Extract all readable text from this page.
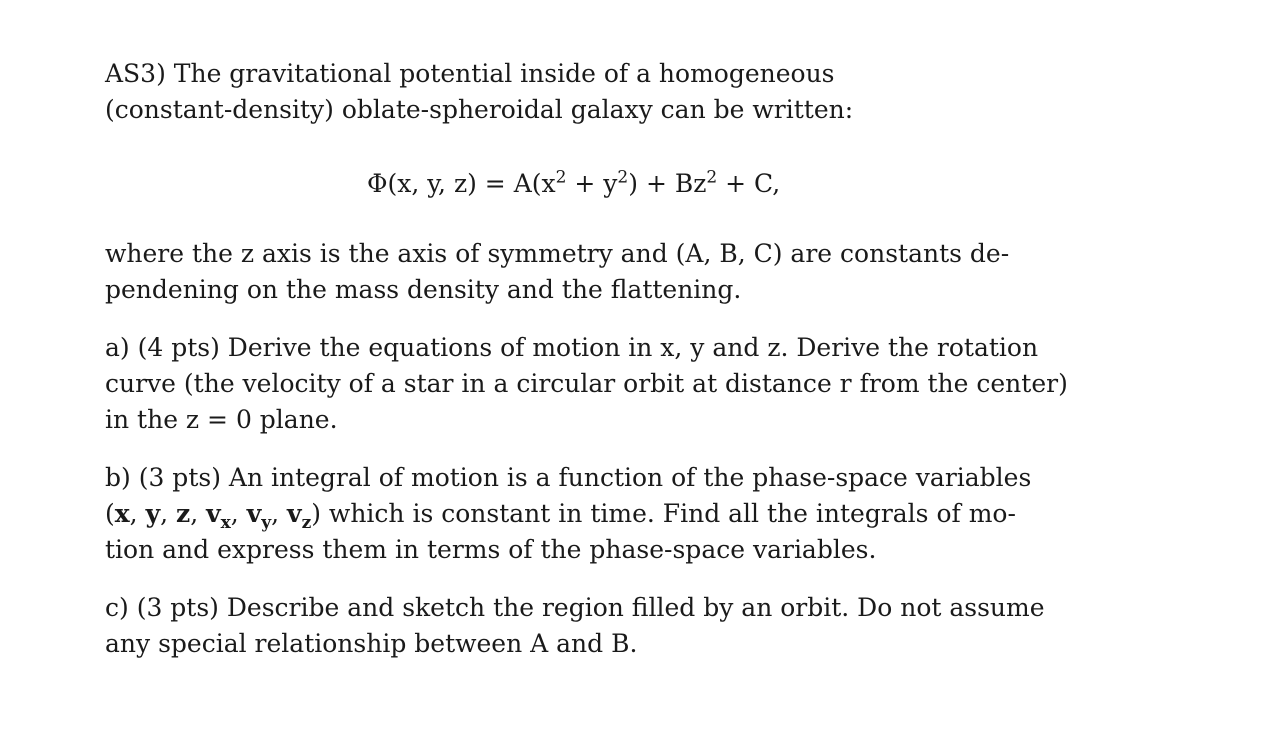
AS3) The gravitational potential inside of a homogeneous
(constant-density) oblate-spheroidal galaxy can be written:

Φ(x, y, $z) = A(x^2 + y^2) + Bz^2 + C$,

where the z axis is the axis of symmetry and (A, B, C) are constants de-
pendening on the mass density and the flattening.

a) (4 pts) Derive the equations of motion in x, y and z. Derive the rotation
curve (the velocity of a star in a circular orbit at distance r from the center)
in the z = 0 plane.

b) (3 pts) An integral of motion is a function of the phase-space variables
(x, y, z, $v_x$, $v_y$, $v_z$) which is constant in time. Find all the integrals of mo-
tion and express them in terms of the phase-space variables.

c) (3 pts) Describe and sketch the region filled by an orbit. Do not assume
any special relationship between A and B.
